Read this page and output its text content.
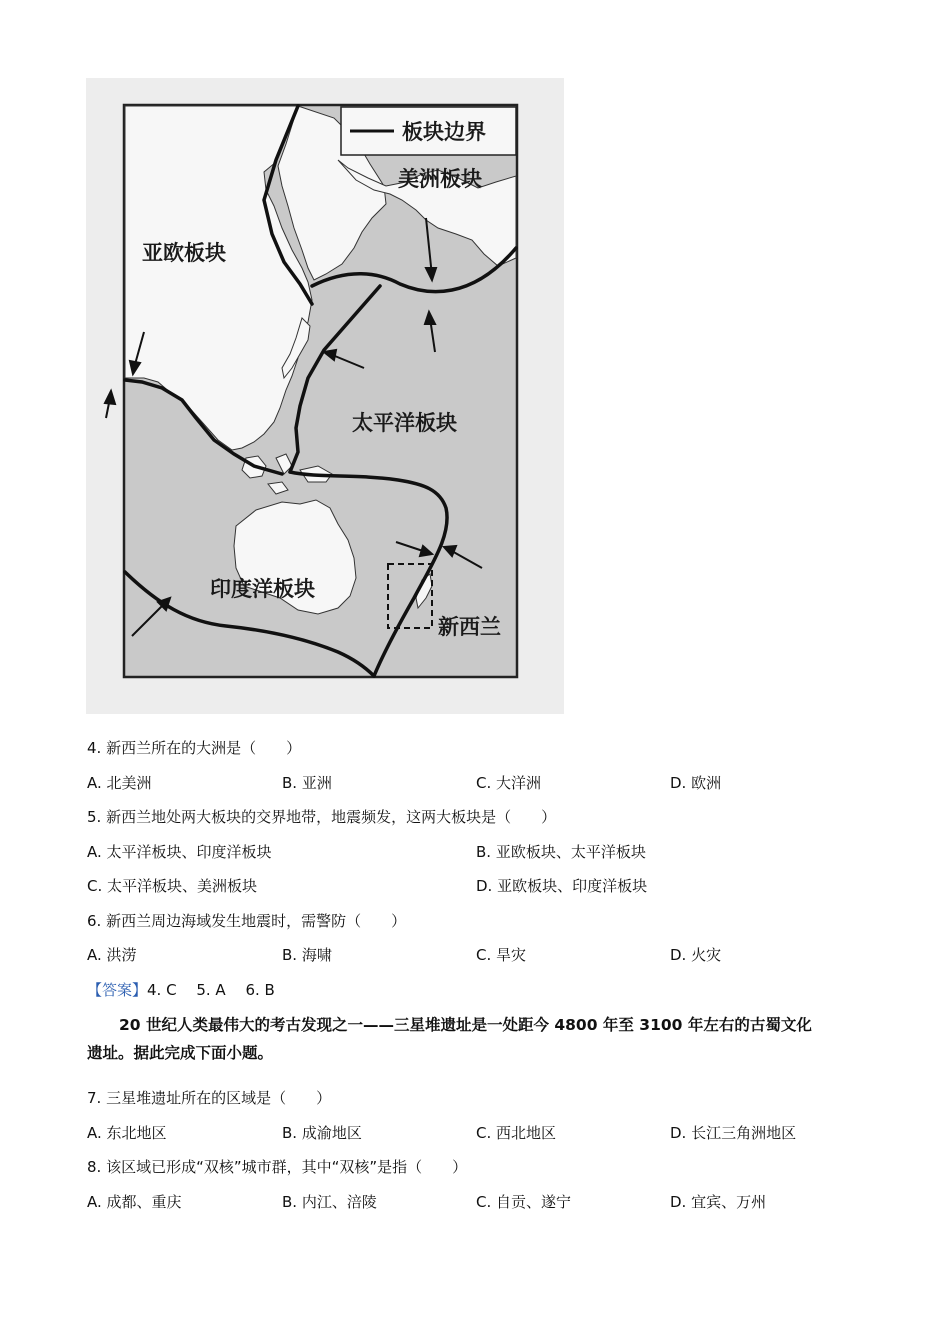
板块边界
亚欧板块
美洲板块
太平洋板块
印度洋板块
新西兰
4. 新西兰所在的大洲是（　　）
A. 北美洲	B. 亚洲	C. 大洋洲	D. 欧洲
5. 新西兰地处两大板块的交界地带，地震频发，这两大板块是（　　）
A. 太平洋板块、印度洋板块	B. 亚欧板块、太平洋板块
C. 太平洋板块、美洲板块	D. 亚欧板块、印度洋板块
6. 新西兰周边海域发生地震时，需警防（　　）
A. 洪涝	B. 海啸	C. 旱灾	D. 火灾
【答案】4. C　 5. A　 6. B
20 世纪人类最伟大的考古发现之一——三星堆遗址是一处距今 4800 年至 3100 年左右的古蜀文化
遗址。据此完成下面小题。
7. 三星堆遗址所在的区域是（　　）
A. 东北地区	B. 成渝地区	C. 西北地区	D. 长江三角洲地区
8. 该区域已形成“双核”城市群，其中“双核”是指（　　）
A. 成都、重庆	B. 内江、涪陵	C. 自贡、遂宁	D. 宜宾、万州
